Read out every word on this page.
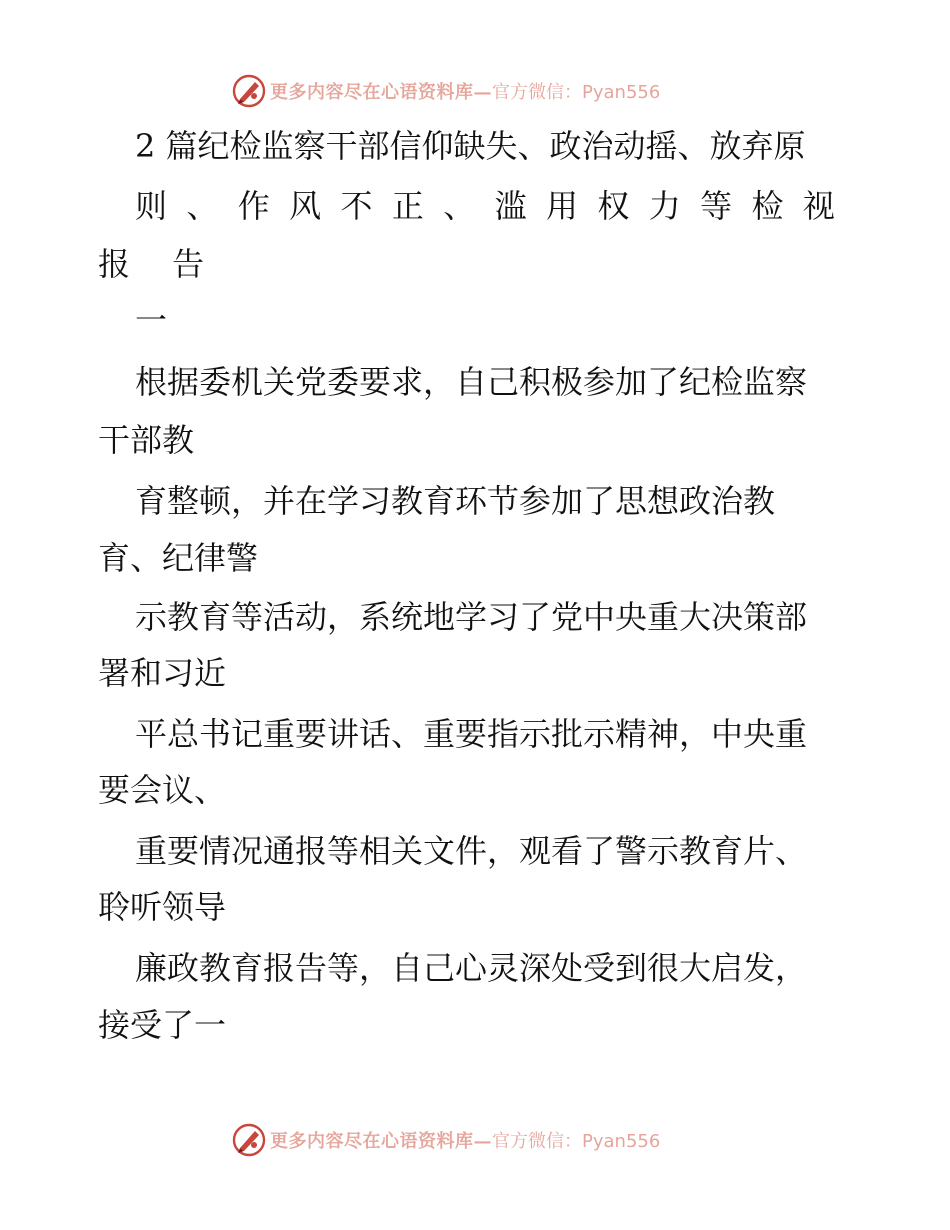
更多内容尽在心语资料库— 官方微信：Pyan556
2 篇纪检监察干部信仰缺失、政治动摇、放弃原
则 、 作 风 不 正 、 滥 用 权 力 等 检 视
报 告
一
根据委机关党委要求，自己积极参加了纪检监察
干部教
育整顿，并在学习教育环节参加了思想政治教
育、纪律警
示教育等活动，系统地学习了党中央重大决策部
署和习近
平总书记重要讲话、重要指示批示精神，中央重
要会议、
重要情况通报等相关文件，观看了警示教育片、
聆听领导
廉政教育报告等，自己心灵深处受到很大启发，
接受了一
更多内容尽在心语资料库— 官方微信：Pyan556
